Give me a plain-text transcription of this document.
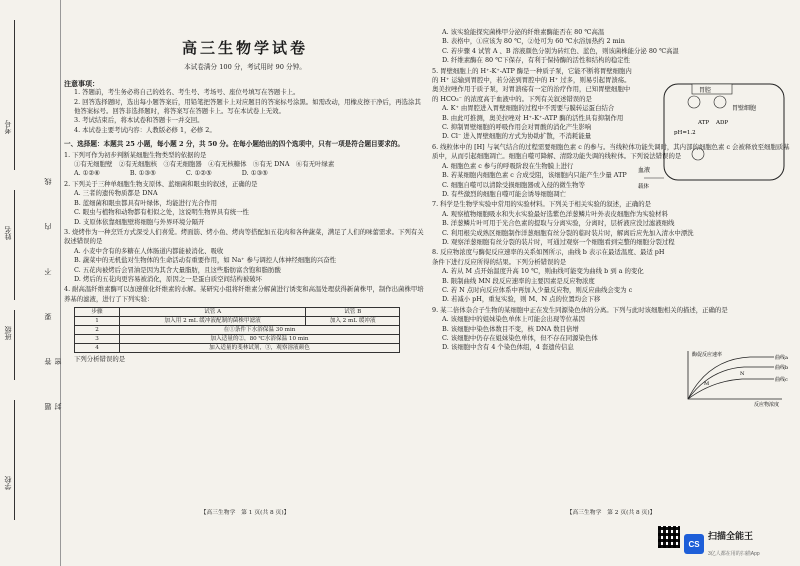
考号
姓名
班级
学校
题 答 要 不 内 线 封 密
高三生物学试卷
本试卷满分 100 分，考试用时 90 分钟。
注意事项：

1. 答题前，考生务必将自己的姓名、考生号、考场号、座位号填写在答题卡上。

2. 回答选择题时，选出每小题答案后，用铅笔把答题卡上对应题目的答案标号涂黑。如需改动，用橡皮擦干净后，再选涂其他答案标号。回答非选择题时，将答案写在答题卡上。写在本试卷上无效。

3. 考试结束后，将本试卷和答题卡一并交回。

4. 本试卷主要考试内容：人教版必修 1，必修 2。

一、选择题：本题共 25 小题，每小题 2 分，共 50 分。在每小题给出的四个选项中，只有一项是符合题目要求的。

1. 下列可作为初步判断某细胞生物类型的依据的是

①有无细胞壁　②有无细胞核　③有无细胞器　④有无核糖体　⑤有无 DNA　⑥有无叶绿素

A. ①②⑥	B. ①③⑤	C. ①②⑤	D. ①③⑤

2. 下列关于三种单细胞生物支原体、蓝细菌和眼虫的叙述，正确的是

A. 三者的遗传物质都是 DNA

B. 蓝细菌和眼虫都具有叶绿体，均能进行光合作用

C. 眼虫与植物和动物都有相似之处，这说明生物界具有统一性

D. 支原体依靠细胞壁将细胞与外界环境分隔开

3. 烧烤作为一种烹饪方式深受人们喜爱。烤面筋、烤小鱼、烤肉等搭配加五花肉和各种蔬菜，满足了人们的味蕾需求。下列有关叙述错误的是

A. 小麦中含有的多糖在人体肠道内都能被消化、吸收

B. 蔬菜中的无机盐对生物体的生命活动有重要作用，如 Na⁺ 参与调控人体神经细胞的兴奋性

C. 五花肉被烤后会冒油是因为其含大量脂肪，且这些脂肪富含饱和脂肪酸

D. 烤后的五花肉更容易被消化，原因之一是蛋白质空间结构被破坏

4. 耐高温纤维素酶可以加速催化纤维素的水解。某研究小组将纤维素分解菌进行诱变和高温处理获得新菌株甲，制作出菌株甲培养基的滤液，进行了下列实验：

步骤	试管 A	试管 B
1	加入用 2 mL 缓冲液配制的菌株甲滤液	加入 2 mL 缓冲液
2	在①条件下水浴保温 30 min	
3	加入适量的②，80 ℃水浴保温 10 min	
4	加入适量的斐林试剂，③，观察溶液颜色	

下列分析错误的是

【高三生物学　第 1 页(共 8 页)】

A. 该实验能探究菌株甲分泌的纤维素酶能否在 80 ℃高温

B. 表格中，①应该为 80 ℃，②处可为 60 ℃水浴加热约 2 min

C. 若步骤 4 试管 A 、B 溶液颜色分别为砖红色、蓝色，则该菌株能分泌 80 ℃高温

D. 纤维素酶在 80 ℃下保存，有利于保持酶的活性和结构的稳定性

5. 胃壁细胞上的 H⁺-K⁺-ATP 酶是一种质子泵，它能不断将胃壁细胞内的 H⁺ 运输到胃腔中，若分泌到胃腔中的 H⁺ 过多，则易引起胃溃疡。奥美拉唑作用于质子泵，对胃溃疡有一定的治疗作用，已知胃壁细胞中的 HCO₃⁻ 的浓度高于血液中的。下列有关叙述错误的是

A. K⁺ 由胃腔进入胃壁细胞的过程中不需要与膜转运蛋白结合

B. 由此可推测，奥美拉唑对 H⁺-K⁺-ATP 酶的活性具有抑制作用

C. 抑制胃壁细胞的呼吸作用会对胃酸的消化产生影响

D. Cl⁻ 进入胃壁细胞的方式为协助扩散，不消耗能量

6. 线粒体中的 [H] 与氧气结合的过程需要细胞色素 c 的参与。当线粒体功能失调时，其内部的细胞色素 c 会被释放至细胞质基质中，从而引起细胞凋亡。细胞自噬可降解、清除功能失调的线粒体。下列说法错误的是

A. 细胞色素 c 参与的呼吸阶段在生物膜上进行

B. 若某细胞内细胞色素 c 合成受阻，该细胞内只能产生少量 ATP

C. 细胞自噬可以清除受损细胞器或入侵的微生物等

D. 有些激烈的细胞自噬可能会诱导细胞凋亡

7. 科学是生物学实验中常用的实验材料。下列关于相关实验的叙述，正确的是

A. 观察植物细胞吸水和失水实验最好选紫色洋葱鳞片叶外表皮细胞作为实验材料

B. 洋葱鳞片叶可用于光合色素的提取与分离实验，分离时，层析液应没过滤液细线

C. 利用根尖成熟区细胞制作洋葱细胞有丝分裂的临时装片时，解离后应先加入清水中漂洗

D. 观察洋葱细胞有丝分裂的装片时，可通过观察一个细胞看到完整的细胞分裂过程

8. 反应物浓度与酶促反应速率的关系如图所示，曲线 b 表示在最适温度、最适 pH 条件下进行反应所得的结果。下列分析错误的是

A. 若从 M 点开始温度升高 10 ℃，则曲线可能变为曲线 b 到 a 的变化

B. 限制曲线 MN 段反应速率的主要因素是反应物浓度

C. 若 N 点时向反应体系中再加入少量反应物，则反应曲线会变为 c

D. 若减小 pH，重复实验，则 M、N 点的位置均会下移

9. 某二倍体杂合子生物的某细胞中正在发生同源染色体的分离。下列与此时该细胞相关的描述，正确的是

A. 该细胞中的姐妹染色单体上可能会出现等位基因

B. 该细胞中染色体数目不变，核 DNA 数目倍增

C. 该细胞中仍存在姐妹染色单体，但不存在同源染色体

D. 该细胞中含有 4 个染色体组，4 套遗传信息

【高三生物学　第 2 页(共 8 页)】
胃腔
胃壁细胞
ATP ADP
pH=1.2
血液
载体
酶促反应速率
反应物浓度
曲线a
曲线b
曲线c
M
N
CS
扫描全能王
3亿人都在用的扫描App
